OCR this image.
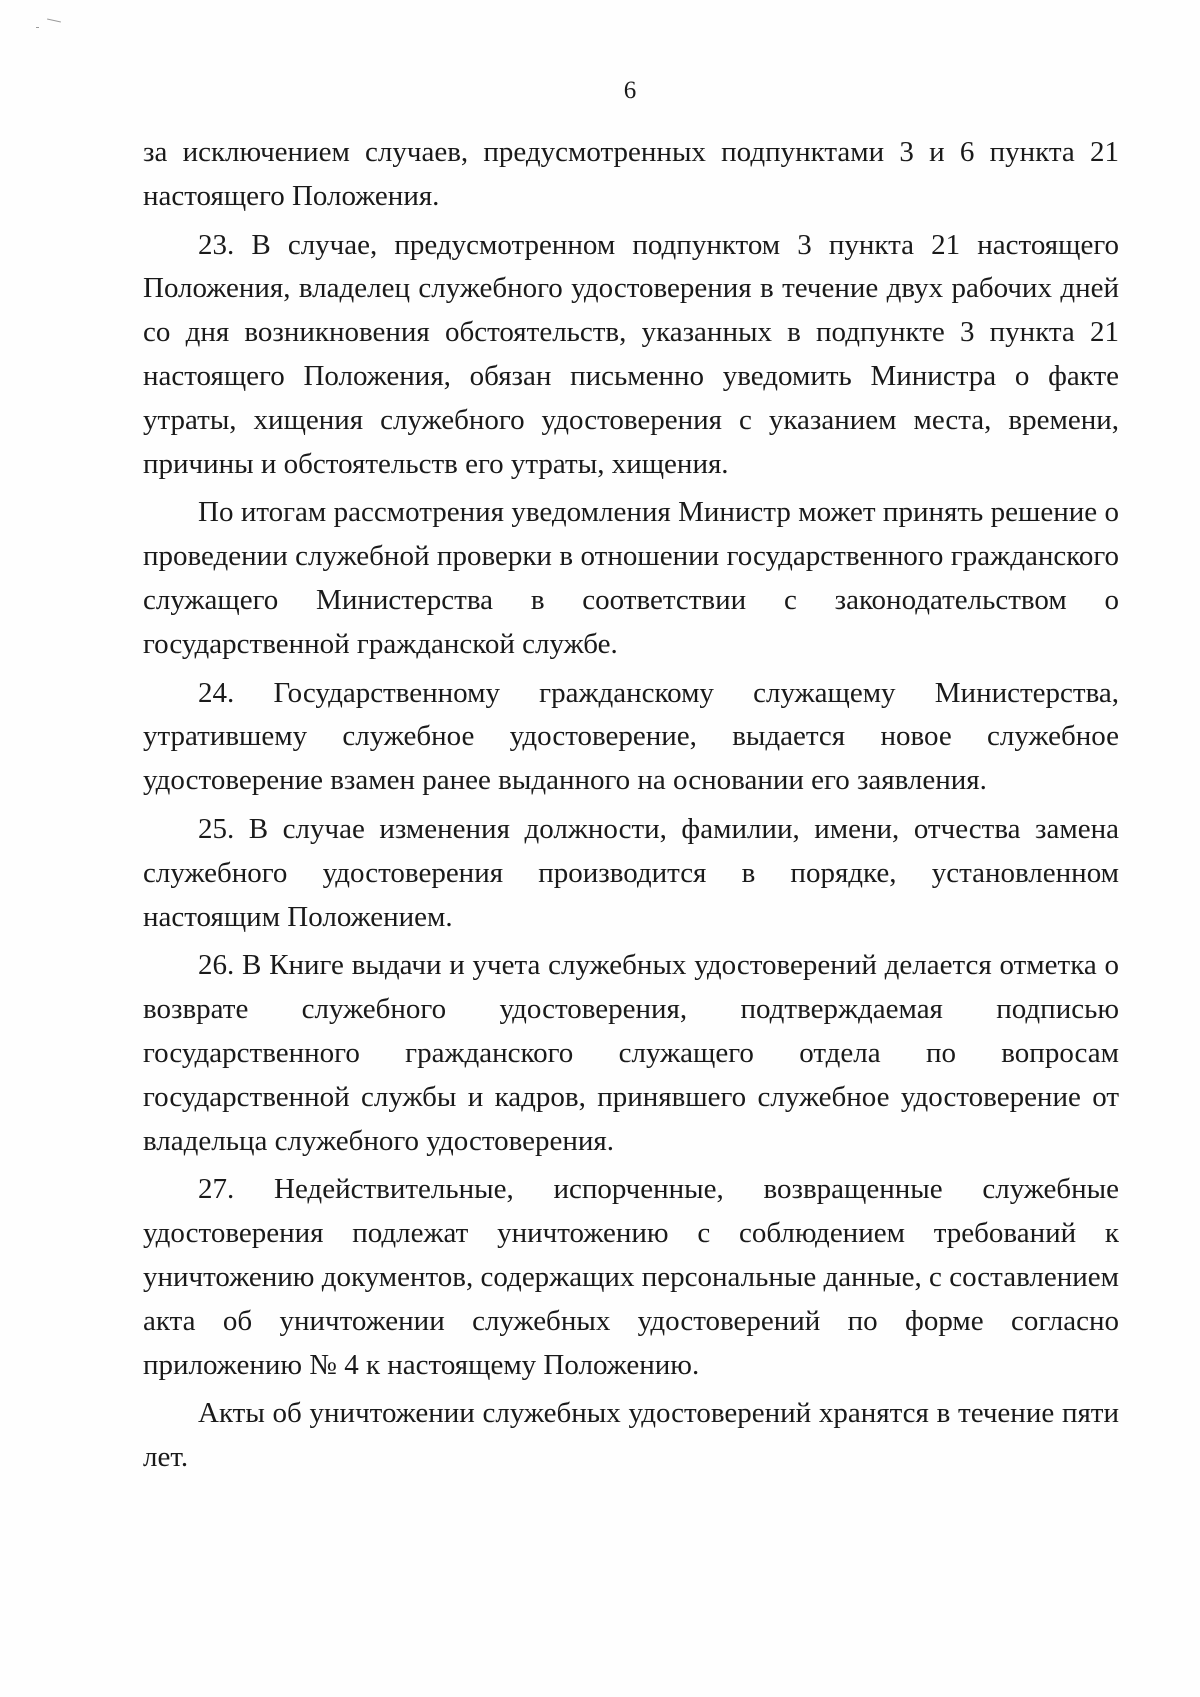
6

за исключением случаев, предусмотренных подпунктами 3 и 6 пункта 21 настоящего Положения.

23. В случае, предусмотренном подпунктом 3 пункта 21 настоящего Положения, владелец служебного удостоверения в течение двух рабочих дней со дня возникновения обстоятельств, указанных в подпункте 3 пункта 21 настоящего Положения, обязан письменно уведомить Министра о факте утраты, хищения служебного удостоверения с указанием места, времени, причины и обстоятельств его утраты, хищения.

По итогам рассмотрения уведомления Министр может принять решение о проведении служебной проверки в отношении государственного гражданского служащего Министерства в соответствии с законодательством о государственной гражданской службе.

24. Государственному гражданскому служащему Министерства, утратившему служебное удостоверение, выдается новое служебное удостоверение взамен ранее выданного на основании его заявления.

25. В случае изменения должности, фамилии, имени, отчества замена служебного удостоверения производится в порядке, установленном настоящим Положением.

26. В Книге выдачи и учета служебных удостоверений делается отметка о возврате служебного удостоверения, подтверждаемая подписью государственного гражданского служащего отдела по вопросам государственной службы и кадров, принявшего служебное удостоверение от владельца служебного удостоверения.

27. Недействительные, испорченные, возвращенные служебные удостоверения подлежат уничтожению с соблюдением требований к уничтожению документов, содержащих персональные данные, с составлением акта об уничтожении служебных удостоверений по форме согласно приложению № 4 к настоящему Положению.

Акты об уничтожении служебных удостоверений хранятся в течение пяти лет.
